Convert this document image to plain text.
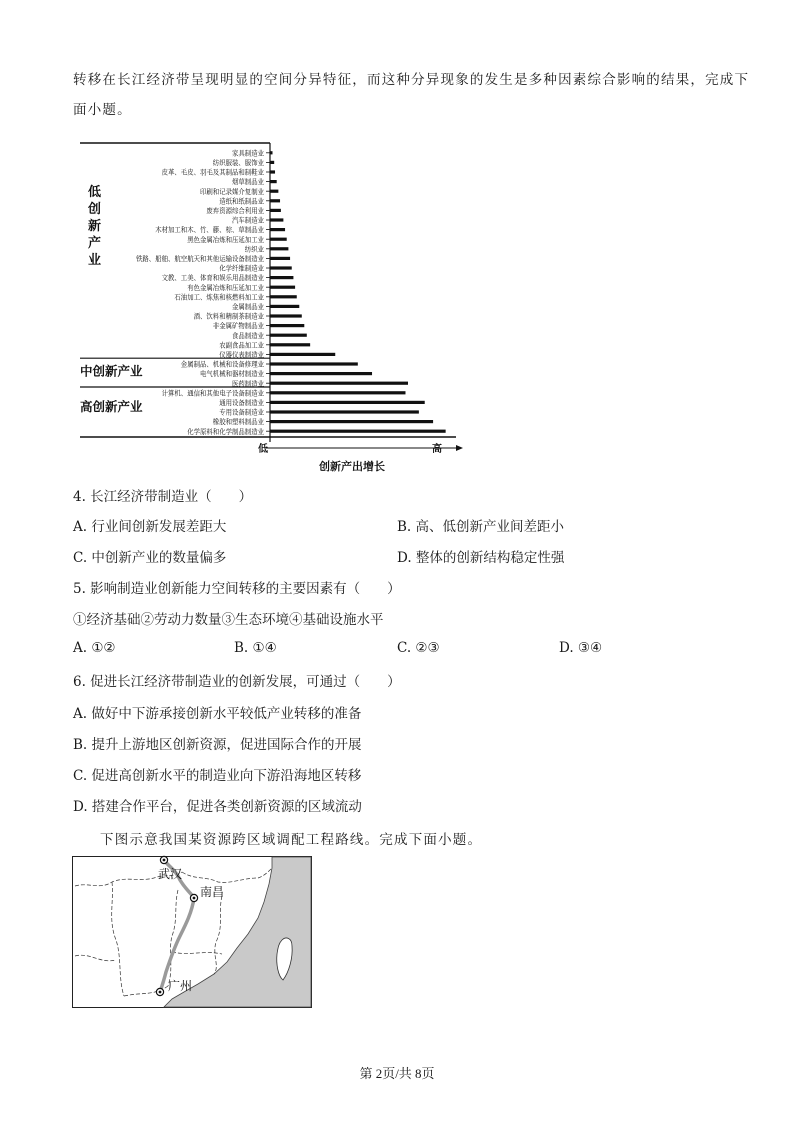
转移在长江经济带呈现明显的空间分异特征，而这种分异现象的发生是多种因素综合影响的结果，完成下
面小题。
家具制造业
纺织服装、服饰业
皮革、毛皮、羽毛及其制品和制鞋业
烟草制品业
印刷和记录媒介复制业
造纸和纸制品业
废弃资源综合利用业
汽车制造业
木材加工和木、竹、藤、棕、草制品业
黑色金属冶炼和压延加工业
纺织业
铁路、船舶、航空航天和其他运输设备制造业
化学纤维制造业
文教、工美、体育和娱乐用品制造业
有色金属冶炼和压延加工业
石油加工、炼焦和核燃料加工业
金属制品业
酒、饮料和精制茶制造业
非金属矿物制品业
食品制造业
农副食品加工业
仪器仪表制造业
金属制品、机械和设备修理业
电气机械和器材制造业
医药制造业
计算机、通信和其他电子设备制造业
通用设备制造业
专用设备制造业
橡胶和塑料制品业
化学原料和化学制品制造业
低
创
新
产
业
中创新产业
高创新产业
低	高
创新产出增长
4. 长江经济带制造业（　　）
A. 行业间创新发展差距大	B. 高、低创新产业间差距小
C. 中创新产业的数量偏多	D. 整体的创新结构稳定性强
5. 影响制造业创新能力空间转移的主要因素有（　　）
①经济基础②劳动力数量③生态环境④基础设施水平
A. ①②	B. ①④	C. ②③	D. ③④
6. 促进长江经济带制造业的创新发展，可通过（　　）
A. 做好中下游承接创新水平较低产业转移的准备
B. 提升上游地区创新资源，促进国际合作的开展
C. 促进高创新水平的制造业向下游沿海地区转移
D. 搭建合作平台，促进各类创新资源的区域流动
下图示意我国某资源跨区域调配工程路线。完成下面小题。
武汉
南昌
广州
第 2页/共 8页
